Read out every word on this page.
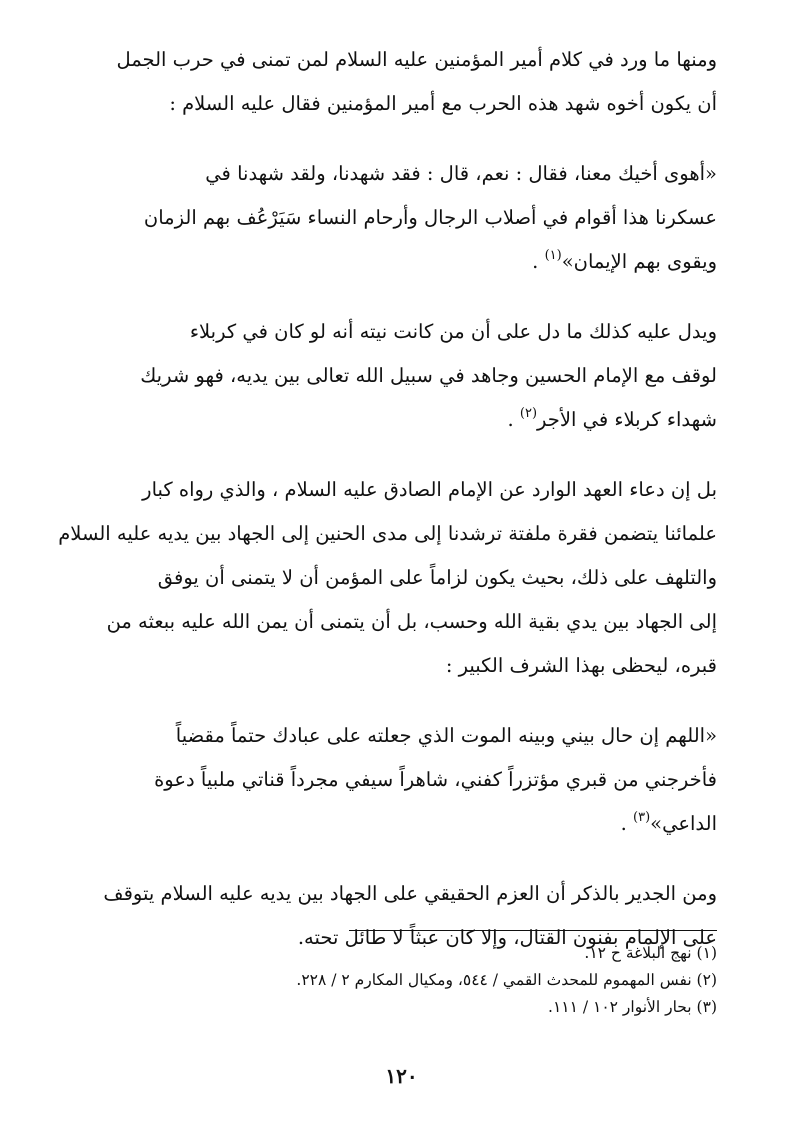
ومنها ما ورد في كلام أمير المؤمنين عليه السلام لمن تمنى في حرب الجمل
أن يكون أخوه شهد هذه الحرب مع أمير المؤمنين فقال عليه السلام :

«أهوى أخيك معنا، فقال : نعم، قال : فقد شهدنا، ولقد شهدنا في
عسكرنا هذا أقوام في أصلاب الرجال وأرحام النساء سَيَرْعُف بهم الزمان
ويقوى بهم الإيمان»$^{(١)}$ .

ويدل عليه كذلك ما دل على أن من كانت نيته أنه لو كان في كربلاء
لوقف مع الإمام الحسين وجاهد في سبيل الله تعالى بين يديه، فهو شريك
شهداء كربلاء في الأجر$^{(٢)}$ .

بل إن دعاء العهد الوارد عن الإمام الصادق عليه السلام ، والذي رواه كبار
علمائنا يتضمن فقرة ملفتة ترشدنا إلى مدى الحنين إلى الجهاد بين يديه عليه السلام
والتلهف على ذلك، بحيث يكون لزاماً على المؤمن أن لا يتمنى أن يوفق
إلى الجهاد بين يدي بقية الله وحسب، بل أن يتمنى أن يمن الله عليه ببعثه من
قبره، ليحظى بهذا الشرف الكبير :

«اللهم إن حال بيني وبينه الموت الذي جعلته على عبادك حتماً مقضياً
فأخرجني من قبري مؤتزراً كفني، شاهراً سيفي مجرداً قناتي ملبياً دعوة
الداعي»$^{(٣)}$ .

ومن الجدير بالذكر أن العزم الحقيقي على الجهاد بين يديه عليه السلام يتوقف
على الإلمام بفنون القتال، وإلا كان عبثاً لا طائل تحته.

(١) نهج البلاغة ح ١٢.
(٢) نفس المهموم للمحدث القمي / ٥٤٤، ومكيال المكارم ٢ / ٢٢٨.
(٣) بحار الأنوار ١٠٢ / ١١١.
١٢٠
